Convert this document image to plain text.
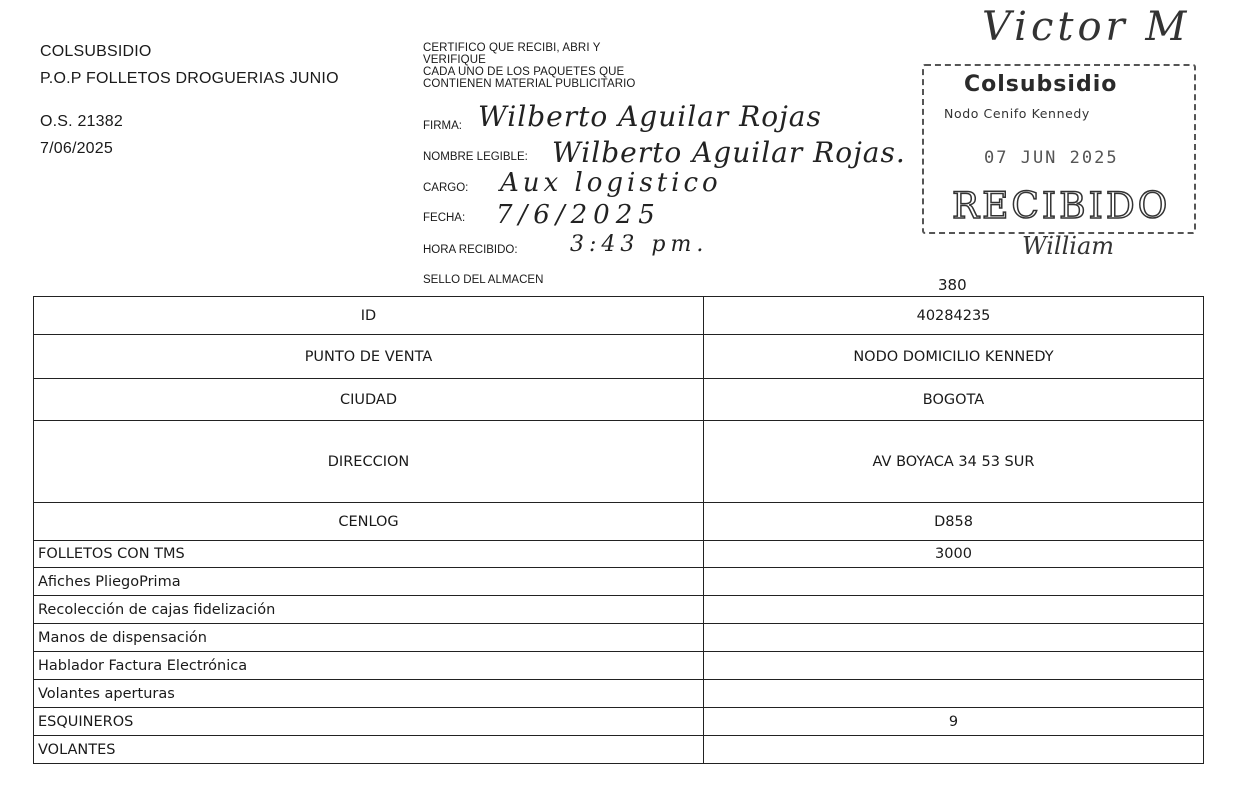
COLSUBSIDIO
P.O.P FOLLETOS DROGUERIAS JUNIO
O.S. 21382
7/06/2025
CERTIFICO QUE RECIBI, ABRI Y
VERIFIQUE
CADA UNO DE LOS PAQUETES QUE
CONTIENEN MATERIAL PUBLICITARIO
FIRMA: Wilberto Aguilar Rojas
NOMBRE LEGIBLE: Wilberto Aguilar Rojas.
CARGO: Aux logistico
FECHA: 7/6/2025
HORA RECIBIDO: 3:43 pm.
SELLO DEL ALMACEN
Victor M
Colsubsidio
Nodo Cenifo Kennedy
07 JUN 2025
RECIBIDO
William
380
ID	40284235
PUNTO DE VENTA	NODO DOMICILIO KENNEDY
CIUDAD	BOGOTA
DIRECCION	AV BOYACA 34 53 SUR
CENLOG	D858
FOLLETOS CON TMS	3000
Afiches PliegoPrima	
Recolección de cajas fidelización	
Manos de dispensación	
Hablador Factura Electrónica	
Volantes aperturas	
ESQUINEROS	9
VOLANTES	
